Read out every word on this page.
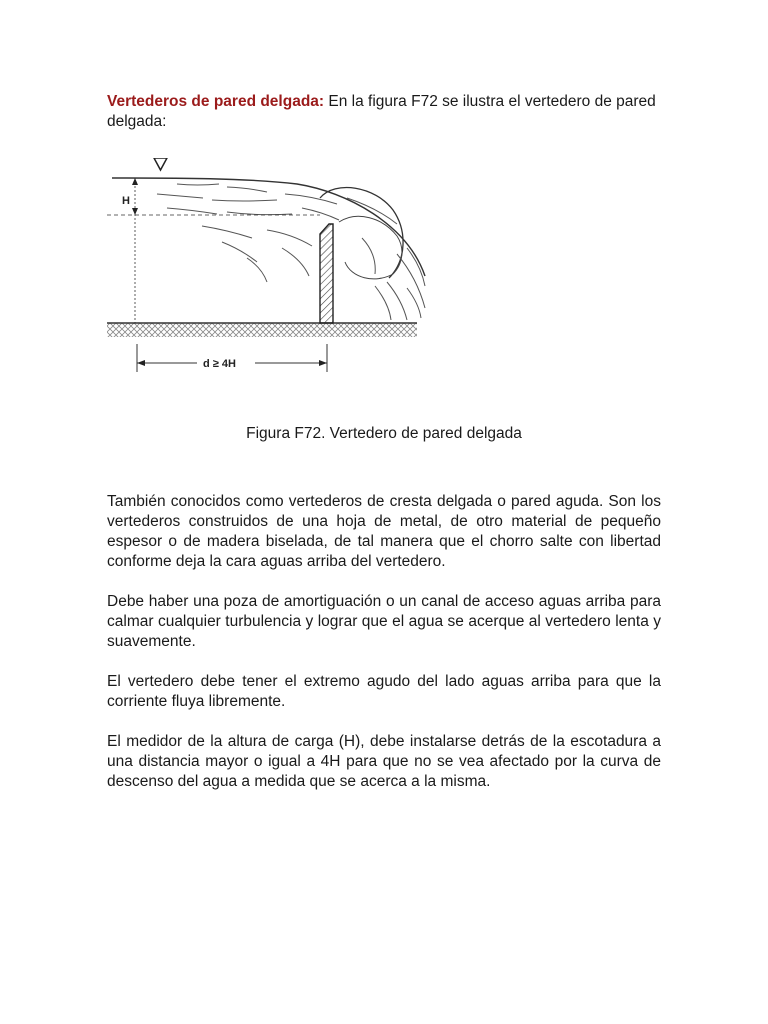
Vertederos de pared delgada: En la figura F72 se ilustra el vertedero de pared delgada:

H
d ≥ 4H

Figura F72. Vertedero de pared delgada

También conocidos como vertederos de cresta delgada o pared aguda. Son los vertederos construidos de una hoja de metal, de otro material de pequeño espesor o de madera biselada, de tal manera que el chorro salte con libertad conforme deja la cara aguas arriba del vertedero.

Debe haber una poza de amortiguación o un canal de acceso aguas arriba para calmar cualquier turbulencia y lograr que el agua se acerque al vertedero lenta y suavemente.

El vertedero debe tener el extremo agudo del lado aguas arriba para que la corriente fluya libremente.

El medidor de la altura de carga (H), debe instalarse detrás de la escotadura a una distancia mayor o igual a 4H para que no se vea afectado por la curva de descenso del agua a medida que se acerca a la misma.
